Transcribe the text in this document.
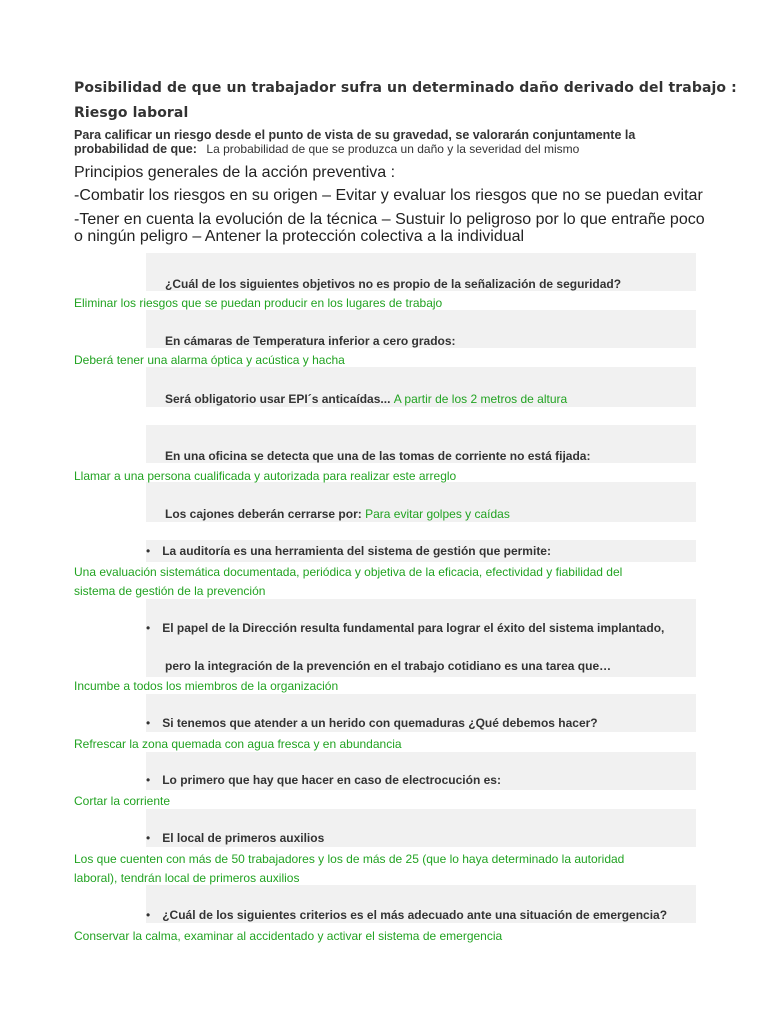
Posibilidad de que un trabajador sufra un determinado daño derivado del trabajo :
Riesgo laboral
Para calificar un riesgo desde el punto de vista de su gravedad, se valorarán conjuntamente la
probabilidad de que: La probabilidad de que se produzca un daño y la severidad del mismo
Principios generales de la acción preventiva :
-Combatir los riesgos en su origen – Evitar y evaluar los riesgos que no se puedan evitar
-Tener en cuenta la evolución de la técnica – Sustuir lo peligroso por lo que entrañe poco
o ningún peligro – Antener la protección colectiva a la individual
¿Cuál de los siguientes objetivos no es propio de la señalización de seguridad?
Eliminar los riesgos que se puedan producir en los lugares de trabajo
En cámaras de Temperatura inferior a cero grados:
Deberá tener una alarma óptica y acústica y hacha
Será obligatorio usar EPI´s anticaídas... A partir de los 2 metros de altura
En una oficina se detecta que una de las tomas de corriente no está fijada:
Llamar a una persona cualificada y autorizada para realizar este arreglo
Los cajones deberán cerrarse por: Para evitar golpes y caídas
• La auditoría es una herramienta del sistema de gestión que permite:
Una evaluación sistemática documentada, periódica y objetiva de la eficacia, efectividad y fiabilidad del
sistema de gestión de la prevención
• El papel de la Dirección resulta fundamental para lograr el éxito del sistema implantado,
pero la integración de la prevención en el trabajo cotidiano es una tarea que…
Incumbe a todos los miembros de la organización
• Si tenemos que atender a un herido con quemaduras ¿Qué debemos hacer?
Refrescar la zona quemada con agua fresca y en abundancia
• Lo primero que hay que hacer en caso de electrocución es:
Cortar la corriente
• El local de primeros auxilios
Los que cuenten con más de 50 trabajadores y los de más de 25 (que lo haya determinado la autoridad
laboral), tendrán local de primeros auxilios
• ¿Cuál de los siguientes criterios es el más adecuado ante una situación de emergencia?
Conservar la calma, examinar al accidentado y activar el sistema de emergencia
